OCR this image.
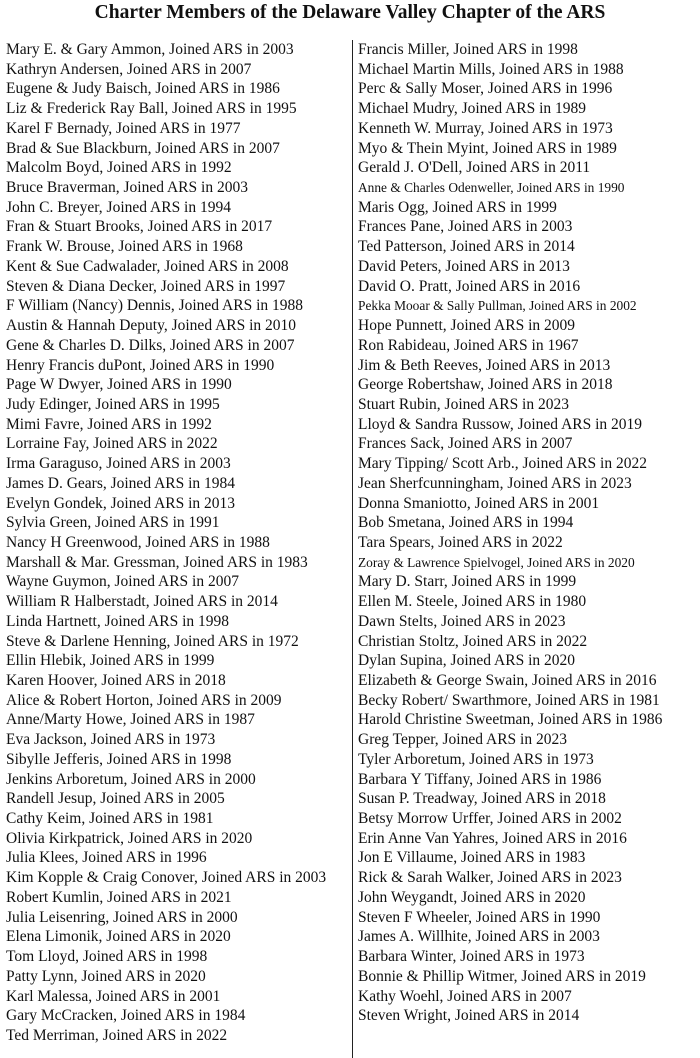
Charter Members of the Delaware Valley Chapter of the ARS
Mary E. & Gary Ammon, Joined ARS in 2003
Kathryn Andersen, Joined ARS in 2007
Eugene & Judy Baisch, Joined ARS in 1986
Liz & Frederick Ray Ball, Joined ARS in 1995
Karel F Bernady, Joined ARS in 1977
Brad & Sue Blackburn, Joined ARS in 2007
Malcolm Boyd, Joined ARS in 1992
Bruce Braverman, Joined ARS in 2003
John C. Breyer, Joined ARS in 1994
Fran & Stuart Brooks, Joined ARS in 2017
Frank W. Brouse, Joined ARS in 1968
Kent & Sue Cadwalader, Joined ARS in 2008
Steven & Diana Decker, Joined ARS in 1997
F William (Nancy) Dennis, Joined ARS in 1988
Austin & Hannah Deputy, Joined ARS in 2010
Gene & Charles D. Dilks, Joined ARS in 2007
Henry Francis duPont, Joined ARS in 1990
Page W Dwyer, Joined ARS in 1990
Judy Edinger, Joined ARS in 1995
Mimi Favre, Joined ARS in 1992
Lorraine Fay, Joined ARS in 2022
Irma Garaguso, Joined ARS in 2003
James D. Gears, Joined ARS in 1984
Evelyn Gondek, Joined ARS in 2013
Sylvia Green, Joined ARS in 1991
Nancy H Greenwood, Joined ARS in 1988
Marshall & Mar. Gressman, Joined ARS in 1983
Wayne Guymon, Joined ARS in 2007
William R Halberstadt, Joined ARS in 2014
Linda Hartnett, Joined ARS in 1998
Steve & Darlene Henning, Joined ARS in 1972
Ellin Hlebik, Joined ARS in 1999
Karen Hoover, Joined ARS in 2018
Alice & Robert Horton, Joined ARS in 2009
Anne/Marty Howe, Joined ARS in 1987
Eva Jackson, Joined ARS in 1973
Sibylle Jefferis, Joined ARS in 1998
Jenkins Arboretum, Joined ARS in 2000
Randell Jesup, Joined ARS in 2005
Cathy Keim, Joined ARS in 1981
Olivia Kirkpatrick, Joined ARS in 2020
Julia Klees, Joined ARS in 1996
Kim Kopple & Craig Conover, Joined ARS in 2003
Robert Kumlin, Joined ARS in 2021
Julia Leisenring, Joined ARS in 2000
Elena Limonik, Joined ARS in 2020
Tom Lloyd, Joined ARS in 1998
Patty Lynn, Joined ARS in 2020
Karl Malessa, Joined ARS in 2001
Gary McCracken, Joined ARS in 1984
Ted Merriman, Joined ARS in 2022
Francis Miller, Joined ARS in 1998
Michael Martin Mills, Joined ARS in 1988
Perc & Sally Moser, Joined ARS in 1996
Michael Mudry, Joined ARS in 1989
Kenneth W. Murray, Joined ARS in 1973
Myo & Thein Myint, Joined ARS in 1989
Gerald J. O'Dell, Joined ARS in 2011
Anne & Charles Odenweller, Joined ARS in 1990
Maris Ogg, Joined ARS in 1999
Frances Pane, Joined ARS in 2003
Ted Patterson, Joined ARS in 2014
David Peters, Joined ARS in 2013
David O. Pratt, Joined ARS in 2016
Pekka Mooar & Sally Pullman, Joined ARS in 2002
Hope Punnett, Joined ARS in 2009
Ron Rabideau, Joined ARS in 1967
Jim & Beth Reeves, Joined ARS in 2013
George Robertshaw, Joined ARS in 2018
Stuart Rubin, Joined ARS in 2023
Lloyd & Sandra Russow, Joined ARS in 2019
Frances Sack, Joined ARS in 2007
Mary Tipping/ Scott Arb., Joined ARS in 2022
Jean Sherfcunningham, Joined ARS in 2023
Donna Smaniotto, Joined ARS in 2001
Bob Smetana, Joined ARS in 1994
Tara Spears, Joined ARS in 2022
Zoray & Lawrence Spielvogel, Joined ARS in 2020
Mary D. Starr, Joined ARS in 1999
Ellen M. Steele, Joined ARS in 1980
Dawn Stelts, Joined ARS in 2023
Christian Stoltz, Joined ARS in 2022
Dylan Supina, Joined ARS in 2020
Elizabeth & George Swain, Joined ARS in 2016
Becky Robert/ Swarthmore, Joined ARS in 1981
Harold Christine Sweetman, Joined ARS in 1986
Greg Tepper, Joined ARS in 2023
Tyler Arboretum, Joined ARS in 1973
Barbara Y Tiffany, Joined ARS in 1986
Susan P. Treadway, Joined ARS in 2018
Betsy Morrow Urffer, Joined ARS in 2002
Erin Anne Van Yahres, Joined ARS in 2016
Jon E Villaume, Joined ARS in 1983
Rick & Sarah Walker, Joined ARS in 2023
John Weygandt, Joined ARS in 2020
Steven F Wheeler, Joined ARS in 1990
James A. Willhite, Joined ARS in 2003
Barbara Winter, Joined ARS in 1973
Bonnie & Phillip Witmer, Joined ARS in 2019
Kathy Woehl, Joined ARS in 2007
Steven Wright, Joined ARS in 2014
